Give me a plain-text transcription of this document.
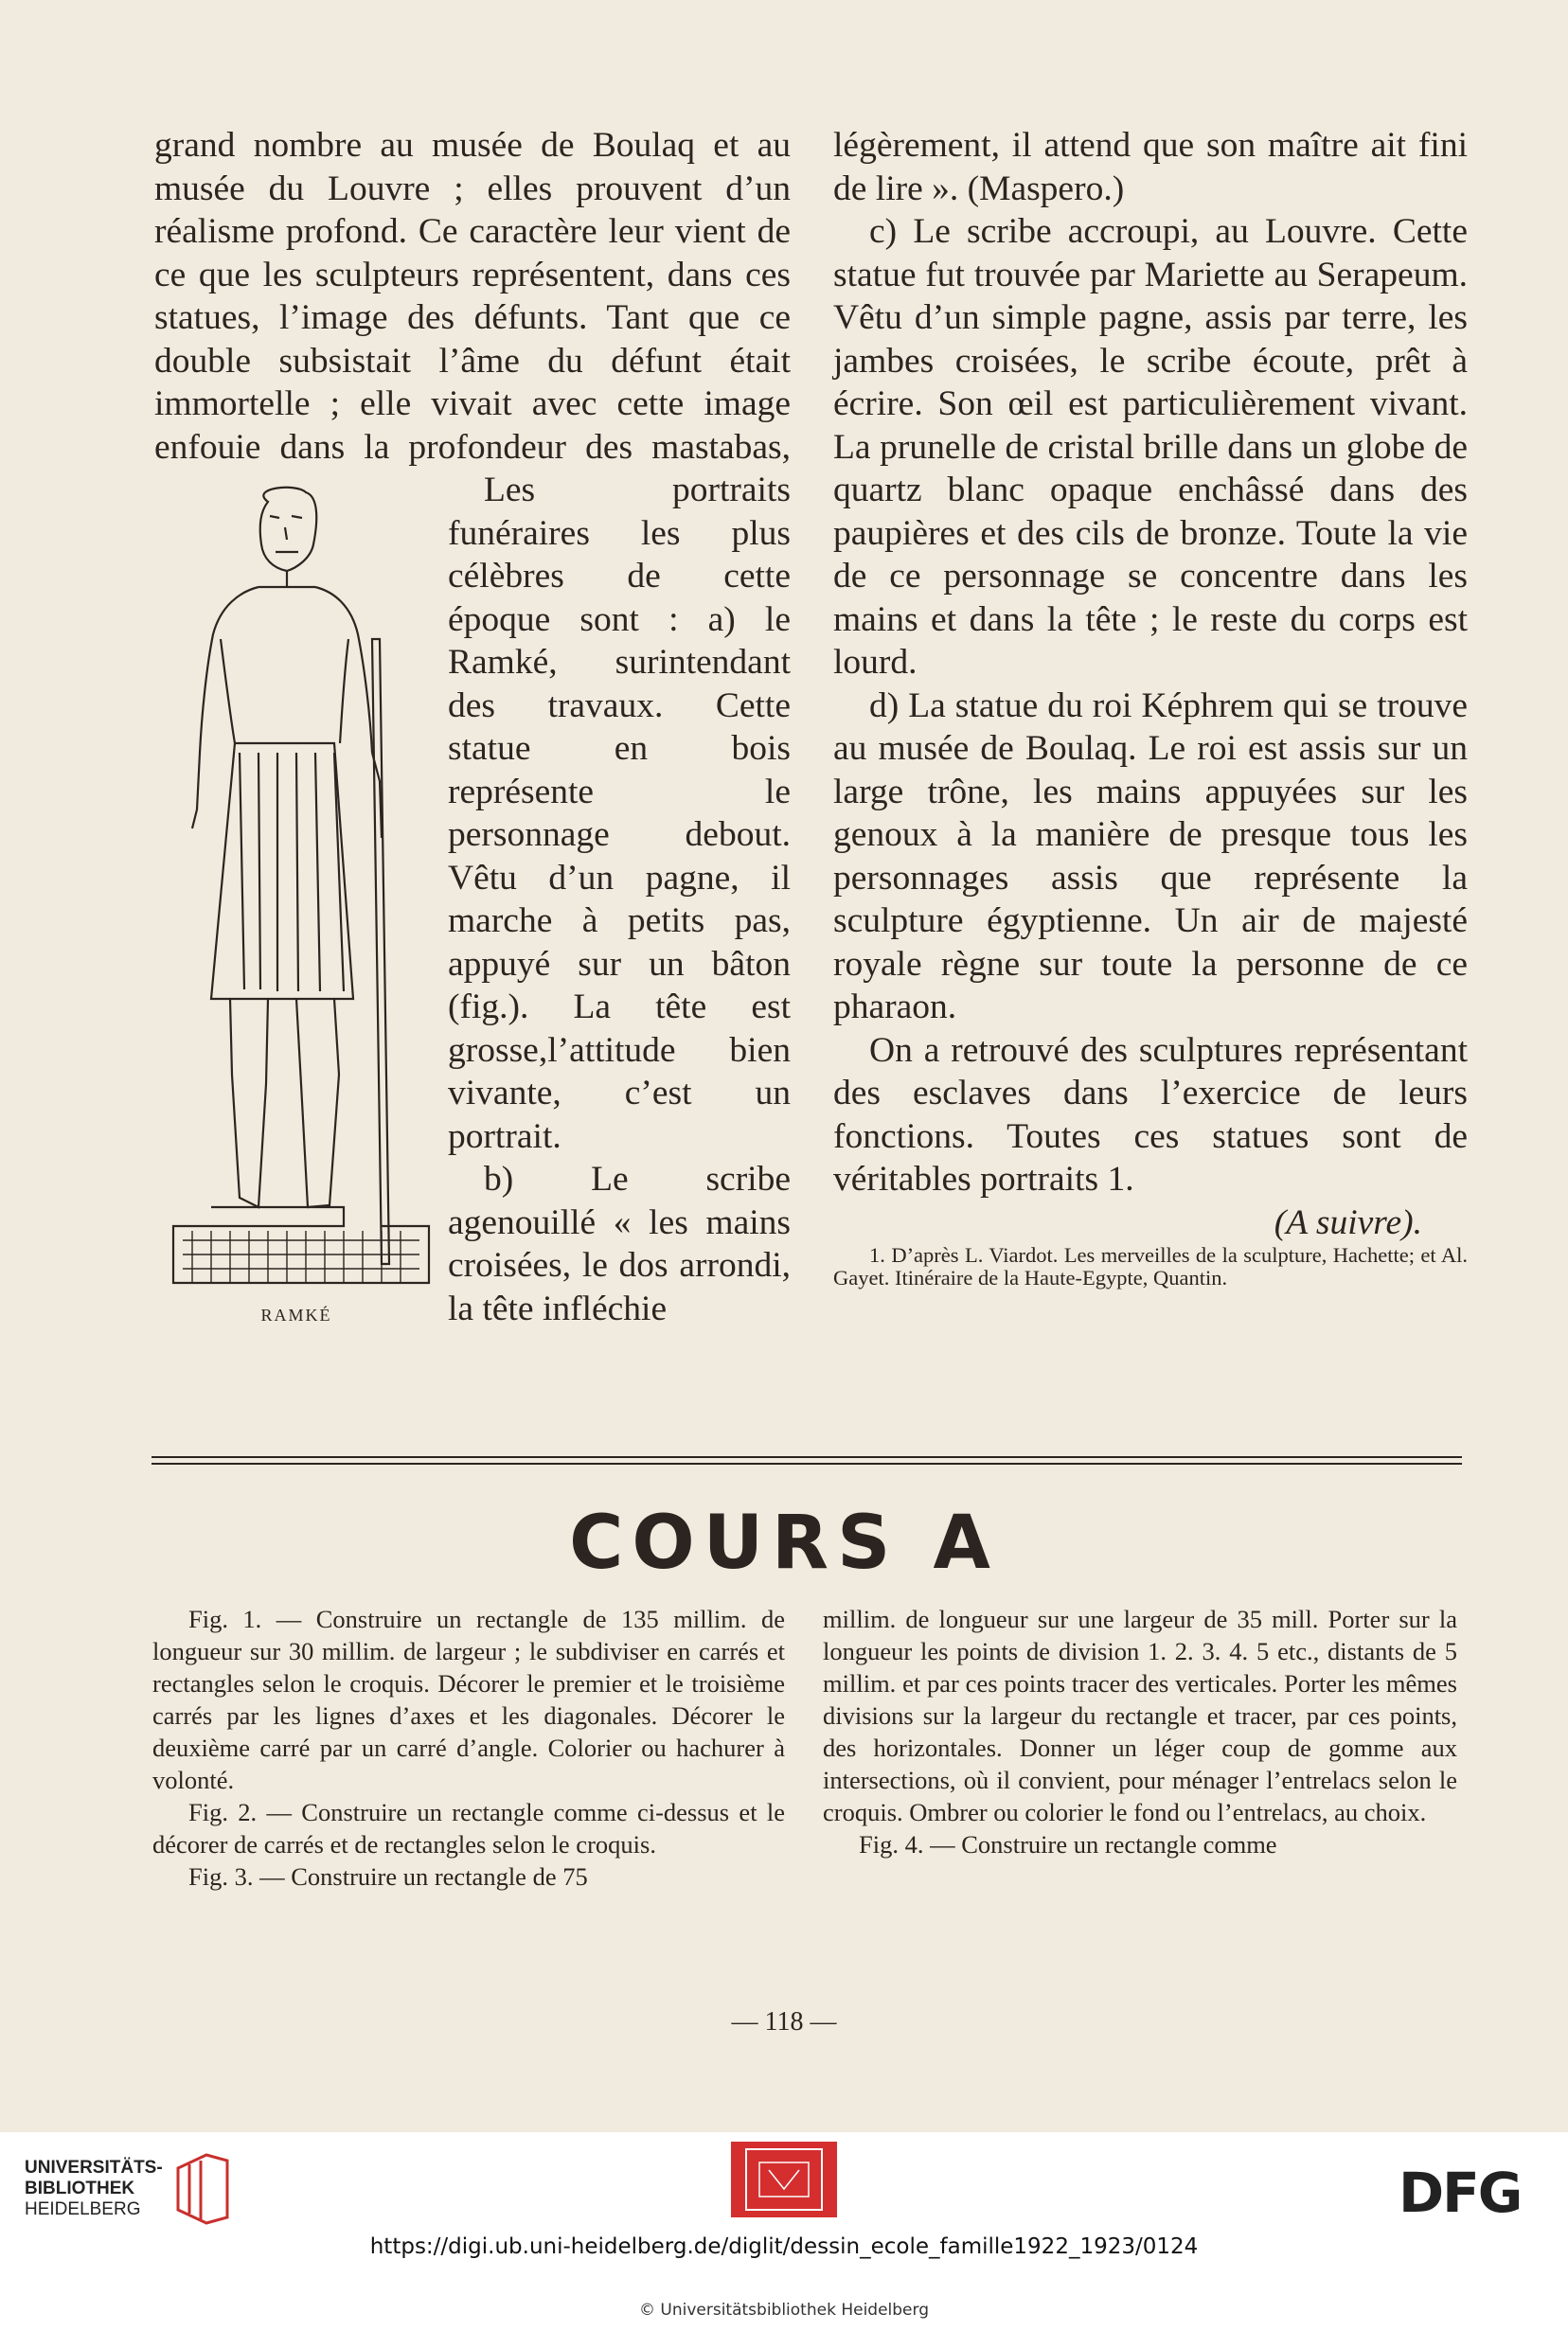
grand nombre au musée de Boulaq et au musée du Louvre ; elles prouvent d’un réalisme profond. Ce caractère leur vient de ce que les sculpteurs représentent, dans ces statues, l’image des défunts. Tant que ce double subsistait l’âme du défunt était immortelle ; elle vivait avec cette image enfouie dans la profondeur des mastabas,

RAMKÉ

Les portraits funéraires les plus célèbres de cette époque sont : a) le Ramké, surintendant des travaux. Cette statue en bois représente le personnage debout. Vêtu d’un pagne, il marche à petits pas, appuyé sur un bâton (fig.). La tête est grosse,l’attitude bien vivante, c’est un portrait.

b) Le scribe agenouillé « les mains croisées, le dos arrondi, la tête infléchie

légèrement, il attend que son maître ait fini de lire ». (Maspero.)

c) Le scribe accroupi, au Louvre. Cette statue fut trouvée par Mariette au Serapeum. Vêtu d’un simple pagne, assis par terre, les jambes croisées, le scribe écoute, prêt à écrire. Son œil est particulièrement vivant. La prunelle de cristal brille dans un globe de quartz blanc opaque enchâssé dans des paupières et des cils de bronze. Toute la vie de ce personnage se concentre dans les mains et dans la tête ; le reste du corps est lourd.

d) La statue du roi Képhrem qui se trouve au musée de Boulaq. Le roi est assis sur un large trône, les mains appuyées sur les genoux à la manière de presque tous les personnages assis que représente la sculpture égyptienne. Un air de majesté royale règne sur toute la personne de ce pharaon.

On a retrouvé des sculptures représentant des esclaves dans l’exercice de leurs fonctions. Toutes ces statues sont de véritables portraits 1.

(A suivre).

1. D’après L. Viardot. Les merveilles de la sculpture, Hachette; et Al. Gayet. Itinéraire de la Haute-Egypte, Quantin.

COURS A

Fig. 1. — Construire un rectangle de 135 millim. de longueur sur 30 millim. de largeur ; le subdiviser en carrés et rectangles selon le croquis. Décorer le premier et le troisième carrés par les lignes d’axes et les diagonales. Décorer le deuxième carré par un carré d’angle. Colorier ou hachurer à volonté.

Fig. 2. — Construire un rectangle comme ci-dessus et le décorer de carrés et de rectangles selon le croquis.

Fig. 3. — Construire un rectangle de 75

millim. de longueur sur une largeur de 35 mill. Porter sur la longueur les points de division 1. 2. 3. 4. 5 etc., distants de 5 millim. et par ces points tracer des verticales. Porter les mêmes divisions sur la largeur du rectangle et tracer, par ces points, des horizontales. Donner un léger coup de gomme aux intersections, où il convient, pour ménager l’entrelacs selon le croquis. Ombrer ou colorier le fond ou l’entrelacs, au choix.

Fig. 4. — Construire un rectangle comme

— 118 —
UNIVERSITÄTS-
BIBLIOTHEK
HEIDELBERG	DFG
https://digi.ub.uni-heidelberg.de/diglit/dessin_ecole_famille1922_1923/0124
© Universitätsbibliothek Heidelberg
